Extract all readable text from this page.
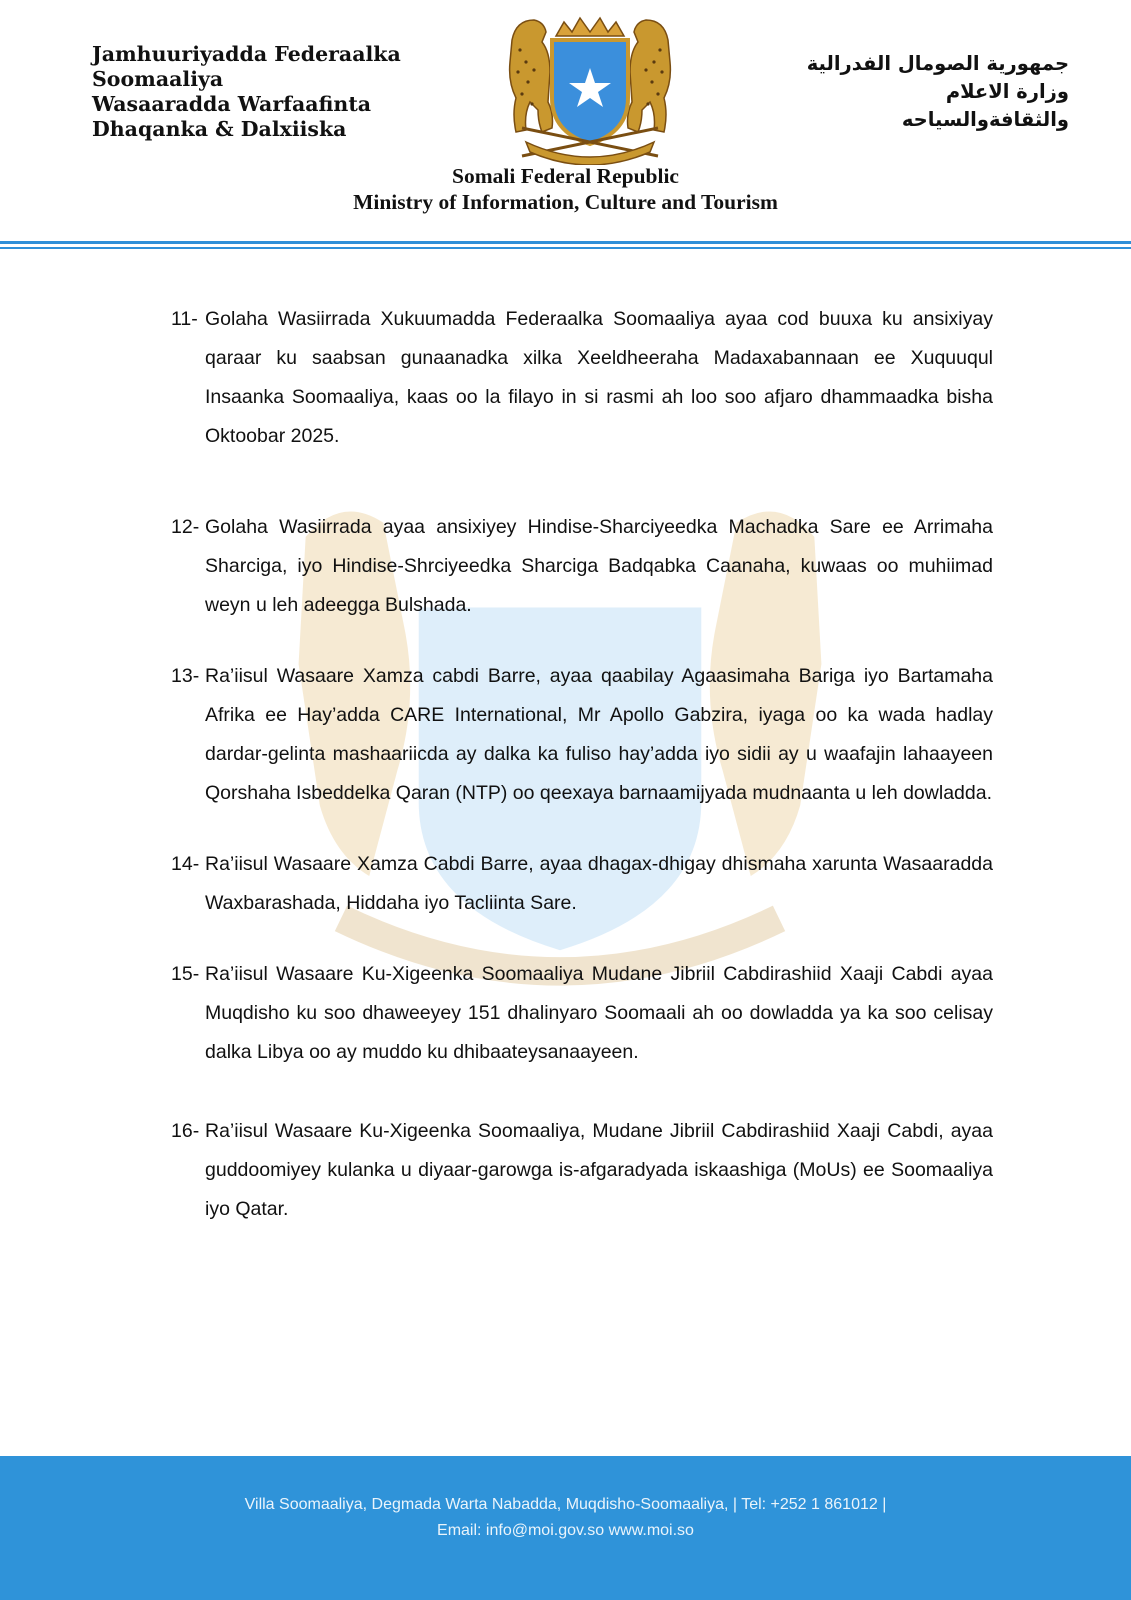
Jamhuuriyadda Federaalka
Soomaaliya
Wasaaradda Warfaafinta
Dhaqanka & Dalxiiska
جمهورية الصومال الفدرالية
وزارة الاعلام
والثقافةوالسياحه
Somali Federal Republic
Ministry of Information, Culture and Tourism
11- Golaha Wasiirrada Xukuumadda Federaalka Soomaaliya ayaa cod buuxa ku ansixiyay qaraar ku saabsan gunaanadka xilka Xeeldheeraha Madaxabannaan ee Xuquuqul Insaanka Soomaaliya, kaas oo la filayo in si rasmi ah loo soo afjaro dhammaadka bisha Oktoobar 2025.
12- Golaha Wasiirrada ayaa ansixiyey Hindise-Sharciyeedka Machadka Sare ee Arrimaha Sharciga, iyo Hindise-Shrciyeedka Sharciga Badqabka Caanaha, kuwaas oo muhiimad weyn u leh adeegga Bulshada.
13- Ra’iisul Wasaare Xamza cabdi Barre, ayaa qaabilay Agaasimaha Bariga iyo Bartamaha Afrika ee Hay’adda CARE International, Mr Apollo Gabzira, iyaga oo ka wada hadlay dardar-gelinta mashaariicda ay dalka ka fuliso hay’adda iyo sidii ay u waafajin lahaayeen Qorshaha Isbeddelka Qaran (NTP) oo qeexaya barnaamijyada mudnaanta u leh dowladda.
14- Ra’iisul Wasaare Xamza Cabdi Barre, ayaa dhagax-dhigay dhismaha xarunta Wasaaradda Waxbarashada, Hiddaha iyo Tacliinta Sare.
15- Ra’iisul Wasaare Ku-Xigeenka Soomaaliya Mudane Jibriil Cabdirashiid Xaaji Cabdi ayaa Muqdisho ku soo dhaweeyey 151 dhalinyaro Soomaali ah oo dowladda ya ka soo celisay dalka Libya oo ay muddo ku dhibaateysanaayeen.
16- Ra’iisul Wasaare Ku-Xigeenka Soomaaliya, Mudane Jibriil Cabdirashiid Xaaji Cabdi, ayaa guddoomiyey kulanka u diyaar-garowga is-afgaradyada iskaashiga (MoUs) ee Soomaaliya iyo Qatar.
Villa Soomaaliya, Degmada Warta Nabadda, Muqdisho-Soomaaliya, | Tel: +252 1 861012 |
Email: info@moi.gov.so www.moi.so
